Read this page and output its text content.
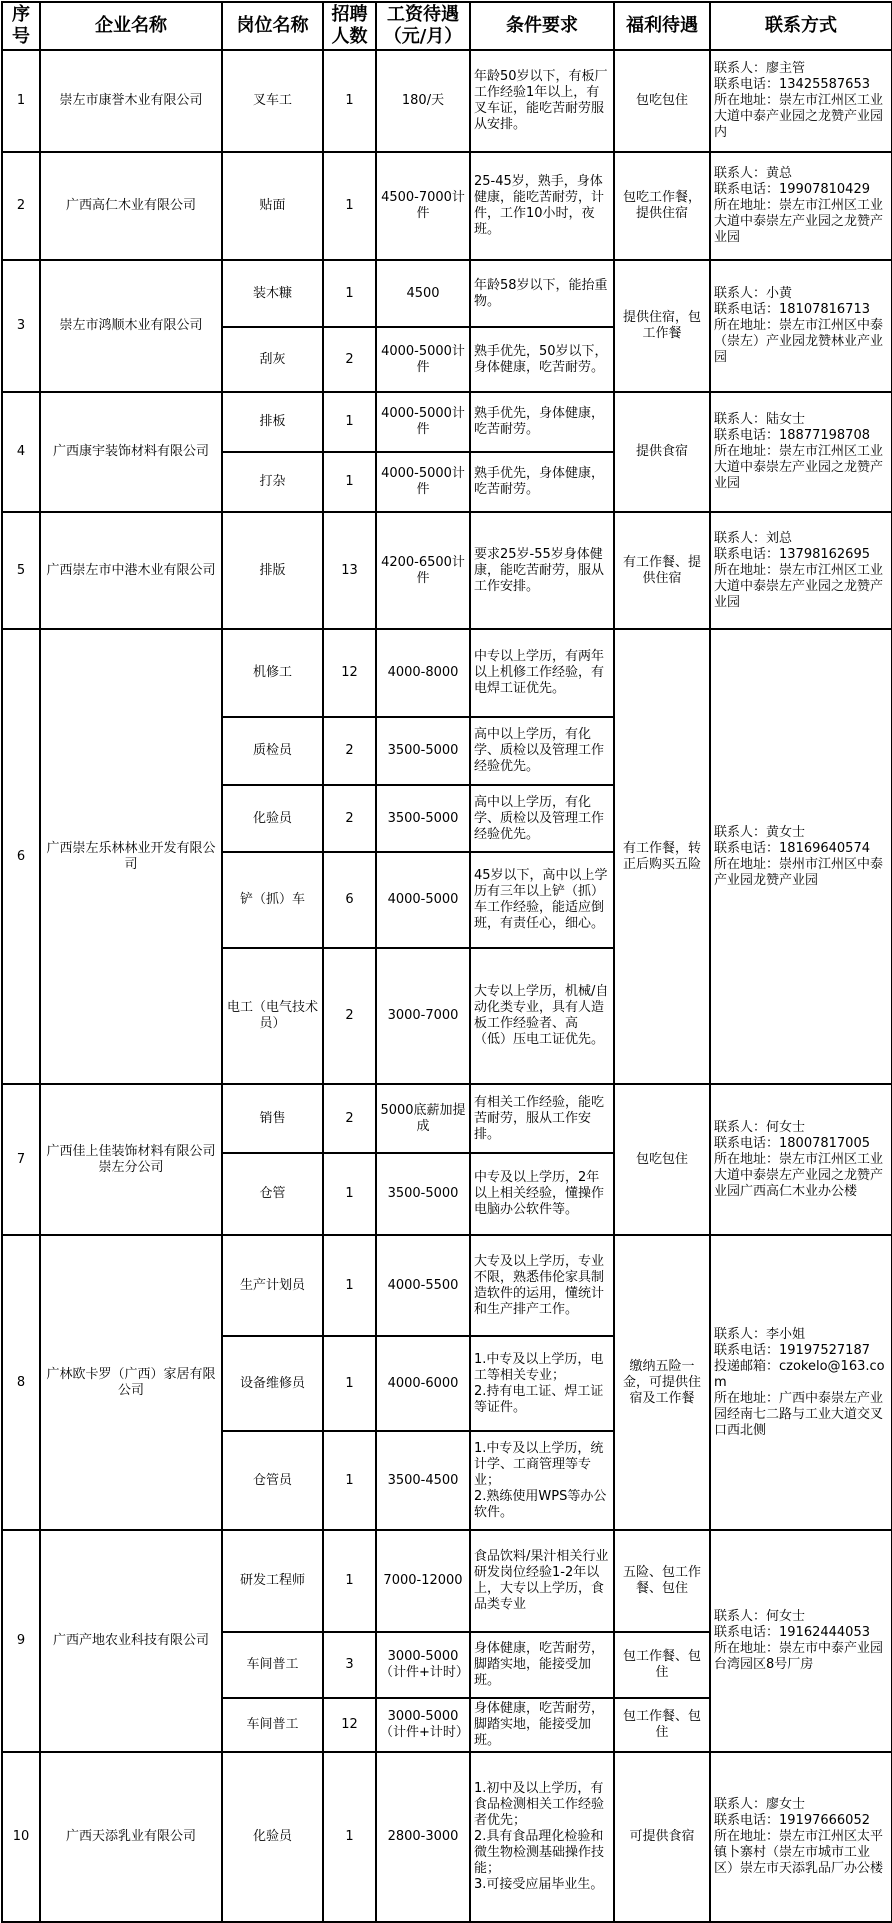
序号	企业名称	岗位名称	招聘人数	工资待遇（元/月）	条件要求	福利待遇	联系方式
1	崇左市康誉木业有限公司	叉车工	1	180/天	年龄50岁以下，有板厂工作经验1年以上，有叉车证，能吃苦耐劳服从安排。	包吃包住	联系人：廖主管
联系电话：13425587653
所在地址：崇左市江州区工业大道中泰产业园之龙赞产业园内
2	广西高仁木业有限公司	贴面	1	4500-7000计件	25-45岁，熟手，身体健康，能吃苦耐劳，计件，工作10小时，夜班。	包吃工作餐，提供住宿	联系人：黄总
联系电话：19907810429
所在地址：崇左市江州区工业大道中泰崇左产业园之龙赞产业园
3	崇左市鸿顺木业有限公司	装木糠	1	4500	年龄58岁以下，能抬重物。	提供住宿，包工作餐	联系人：小黄
联系电话：18107816713
所在地址：崇左市江州区中泰（崇左）产业园龙赞林业产业园
		刮灰	2	4000-5000计件	熟手优先，50岁以下，身体健康，吃苦耐劳。		
4	广西康宇装饰材料有限公司	排板	1	4000-5000计件	熟手优先，身体健康，吃苦耐劳。	提供食宿	联系人：陆女士
联系电话：18877198708
所在地址：崇左市江州区工业大道中泰崇左产业园之龙赞产业园
		打杂	1	4000-5000计件	熟手优先，身体健康，吃苦耐劳。		
5	广西崇左市中港木业有限公司	排版	13	4200-6500计件	要求25岁-55岁身体健康，能吃苦耐劳，服从工作安排。	有工作餐、提供住宿	联系人：刘总
联系电话：13798162695
所在地址：崇左市江州区工业大道中泰崇左产业园之龙赞产业园
6	广西崇左乐林林业开发有限公司	机修工	12	4000-8000	中专以上学历，有两年以上机修工作经验，有电焊工证优先。	有工作餐，转正后购买五险	联系人：黄女士
联系电话：18169640574
所在地址：崇州市江州区中泰产业园龙赞产业园
		质检员	2	3500-5000	高中以上学历，有化学、质检以及管理工作经验优先。		
		化验员	2	3500-5000	高中以上学历，有化学、质检以及管理工作经验优先。		
		铲（抓）车	6	4000-5000	45岁以下，高中以上学历有三年以上铲（抓）车工作经验，能适应倒班，有责任心，细心。		
		电工（电气技术员）	2	3000-7000	大专以上学历，机械/自动化类专业，具有人造板工作经验者、高（低）压电工证优先。		
7	广西佳上佳装饰材料有限公司崇左分公司	销售	2	5000底薪加提成	有相关工作经验，能吃苦耐劳，服从工作安排。	包吃包住	联系人：何女士
联系电话：18007817005
所在地址：崇左市江州区工业大道中泰崇左产业园之龙赞产业园广西高仁木业办公楼
		仓管	1	3500-5000	中专及以上学历，2年以上相关经验，懂操作电脑办公软件等。		
8	广林欧卡罗（广西）家居有限公司	生产计划员	1	4000-5500	大专及以上学历，专业不限，熟悉伟伦家具制造软件的运用，懂统计和生产排产工作。	缴纳五险一金，可提供住宿及工作餐	联系人：李小姐
联系电话：19197527187
投递邮箱：czokelo@163.com
所在地址：广西中泰崇左产业园经南七二路与工业大道交叉口西北侧
		设备维修员	1	4000-6000	1.中专及以上学历，电工等相关专业；
2.持有电工证、焊工证等证件。		
		仓管员	1	3500-4500	1.中专及以上学历，统计学、工商管理等专业；
2.熟练使用WPS等办公软件。		
9	广西产地农业科技有限公司	研发工程师	1	7000-12000	食品饮料/果汁相关行业研发岗位经验1-2年以上，大专以上学历，食品类专业	五险、包工作餐、包住	联系人：何女士
联系电话：19162444053
所在地址：崇左市中泰产业园台湾园区8号厂房
		车间普工	3	3000-5000（计件+计时）	身体健康，吃苦耐劳，脚踏实地，能接受加班。	包工作餐、包住	
		车间普工	12	3000-5000（计件+计时）	身体健康，吃苦耐劳，脚踏实地，能接受加班。	包工作餐、包住	
10	广西天添乳业有限公司	化验员	1	2800-3000	1.初中及以上学历，有食品检测相关工作经验者优先；
2.具有食品理化检验和微生物检测基础操作技能；
3.可接受应届毕业生。	可提供食宿	联系人：廖女士
联系电话：19197666052
所在地址：崇左市江州区太平镇卜寨村（崇左市城市工业区）崇左市天添乳品厂办公楼
